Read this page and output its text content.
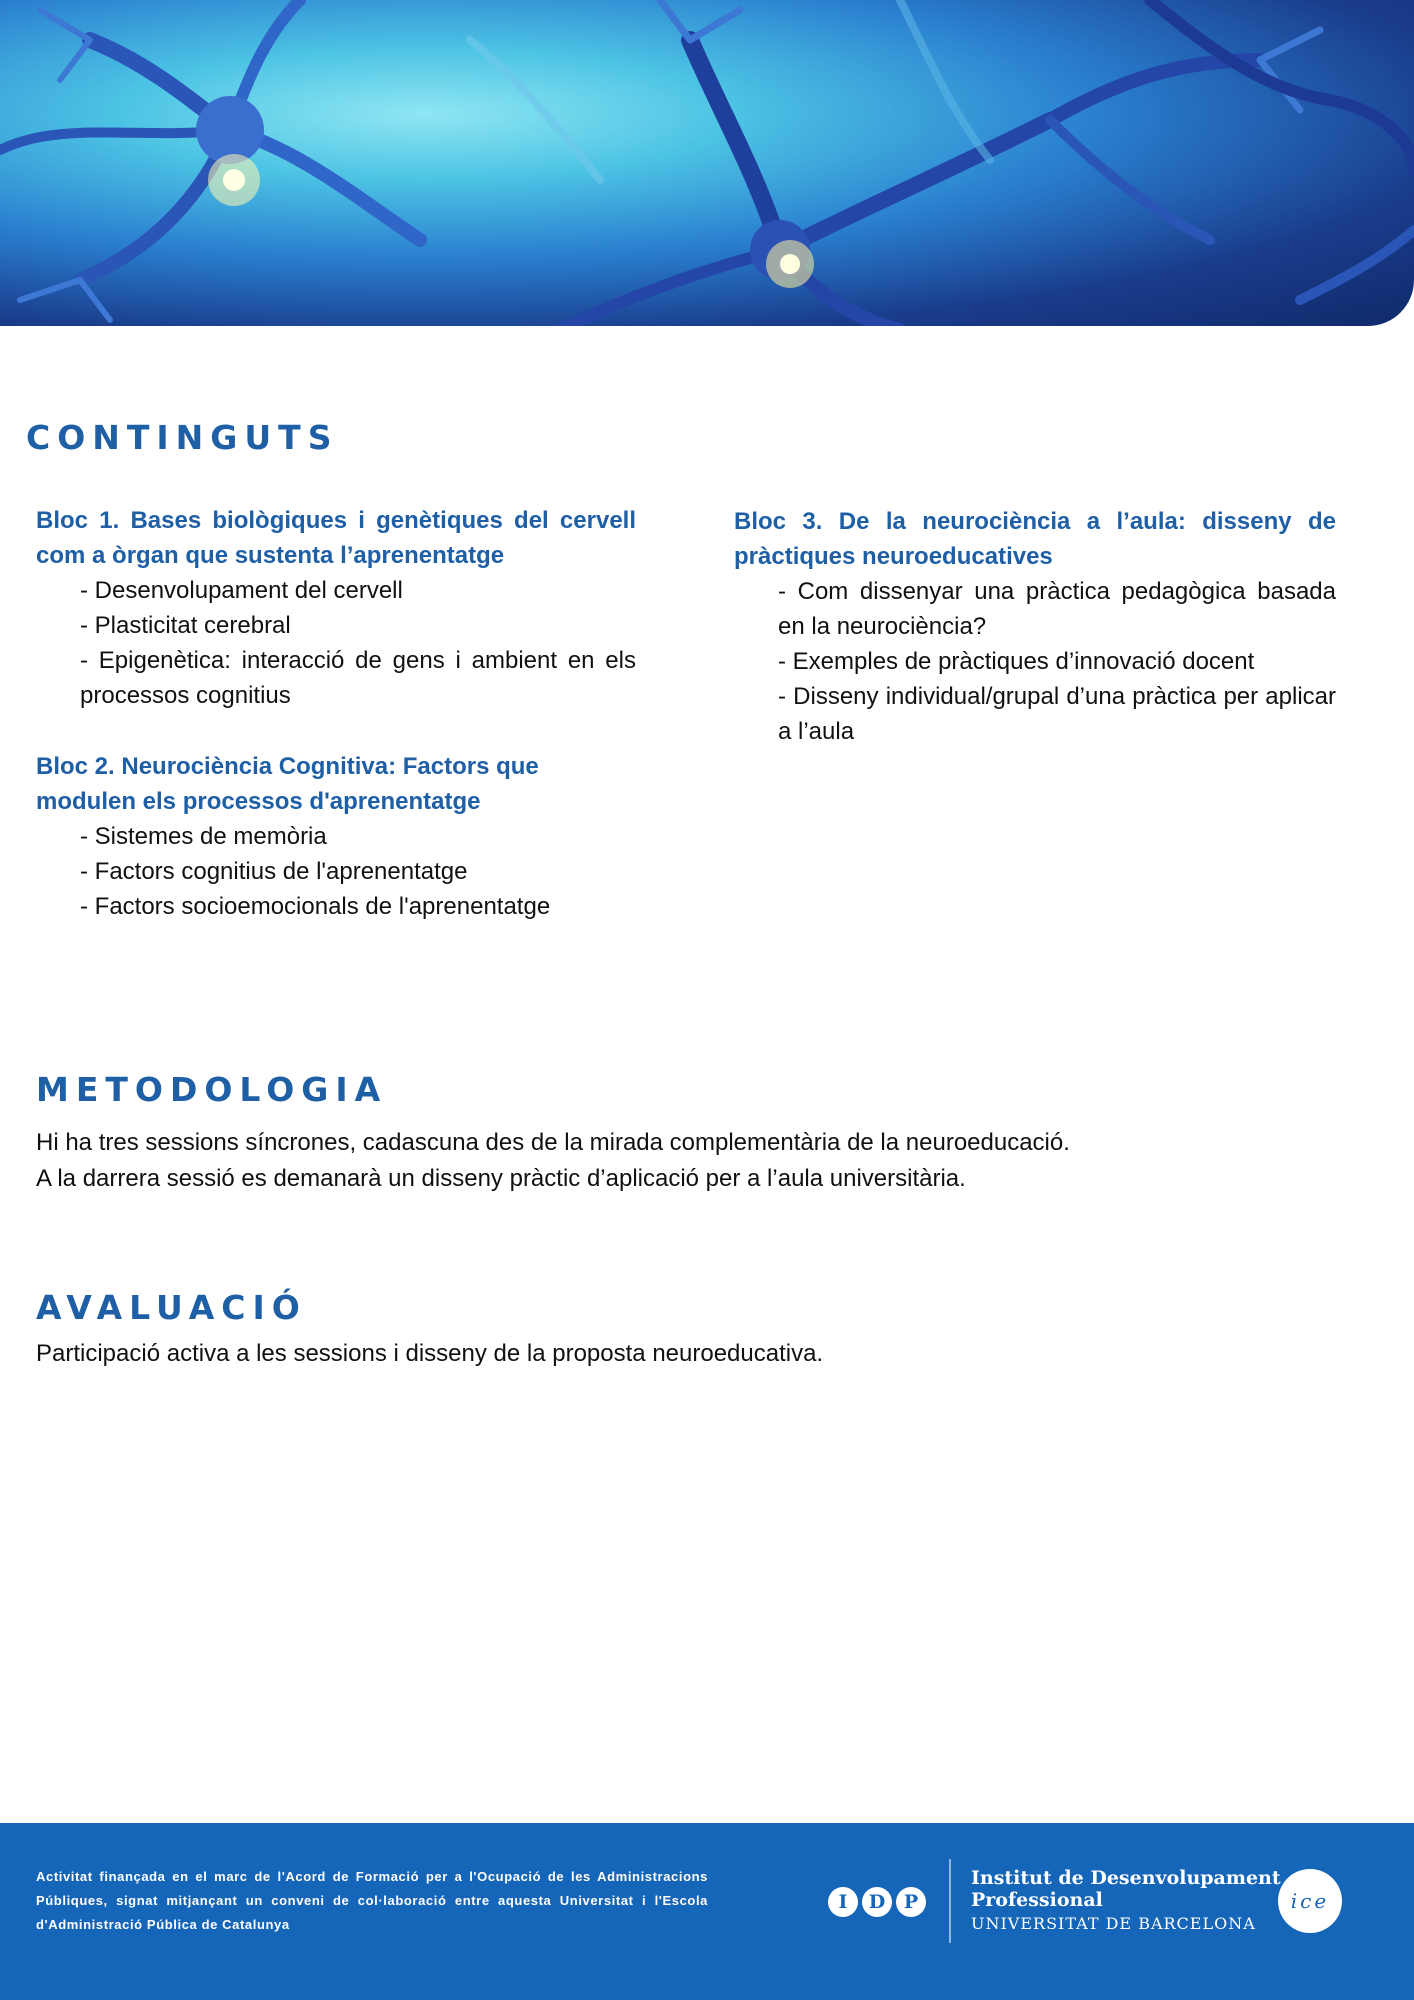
CONTINGUTS

Bloc 1. Bases biològiques i genètiques del cervell com a òrgan que sustenta l’aprenentatge

- Desenvolupament del cervell
- Plasticitat cerebral
- Epigenètica: interacció de gens i ambient en els processos cognitius

Bloc 2. Neurociència Cognitiva: Factors que modulen els processos d'aprenentatge

- Sistemes de memòria
- Factors cognitius de l'aprenentatge
- Factors socioemocionals de l'aprenentatge

Bloc 3. De la neurociència a l’aula: disseny de pràctiques neuroeducatives

- Com dissenyar una pràctica pedagògica basada en la neurociència?
- Exemples de pràctiques d’innovació docent
- Disseny individual/grupal d’una pràctica per aplicar a l’aula
METODOLOGIA

Hi ha tres sessions síncrones, cadascuna des de la mirada complementària de la neuroeducació.

A la darrera sessió es demanarà un disseny pràctic d’aplicació per a l’aula universitària.

AVALUACIÓ

Participació activa a les sessions i disseny de la proposta neuroeducativa.

Activitat finançada en el marc de l'Acord de Formació per a l'Ocupació de les Administracions Públiques, signat mitjançant un conveni de col·laboració entre aquesta Universitat i l'Escola d'Administració Pública de Catalunya

I	D P
Institut de Desenvolupament
Professional
UNIVERSITAT DE BARCELONA
ice
